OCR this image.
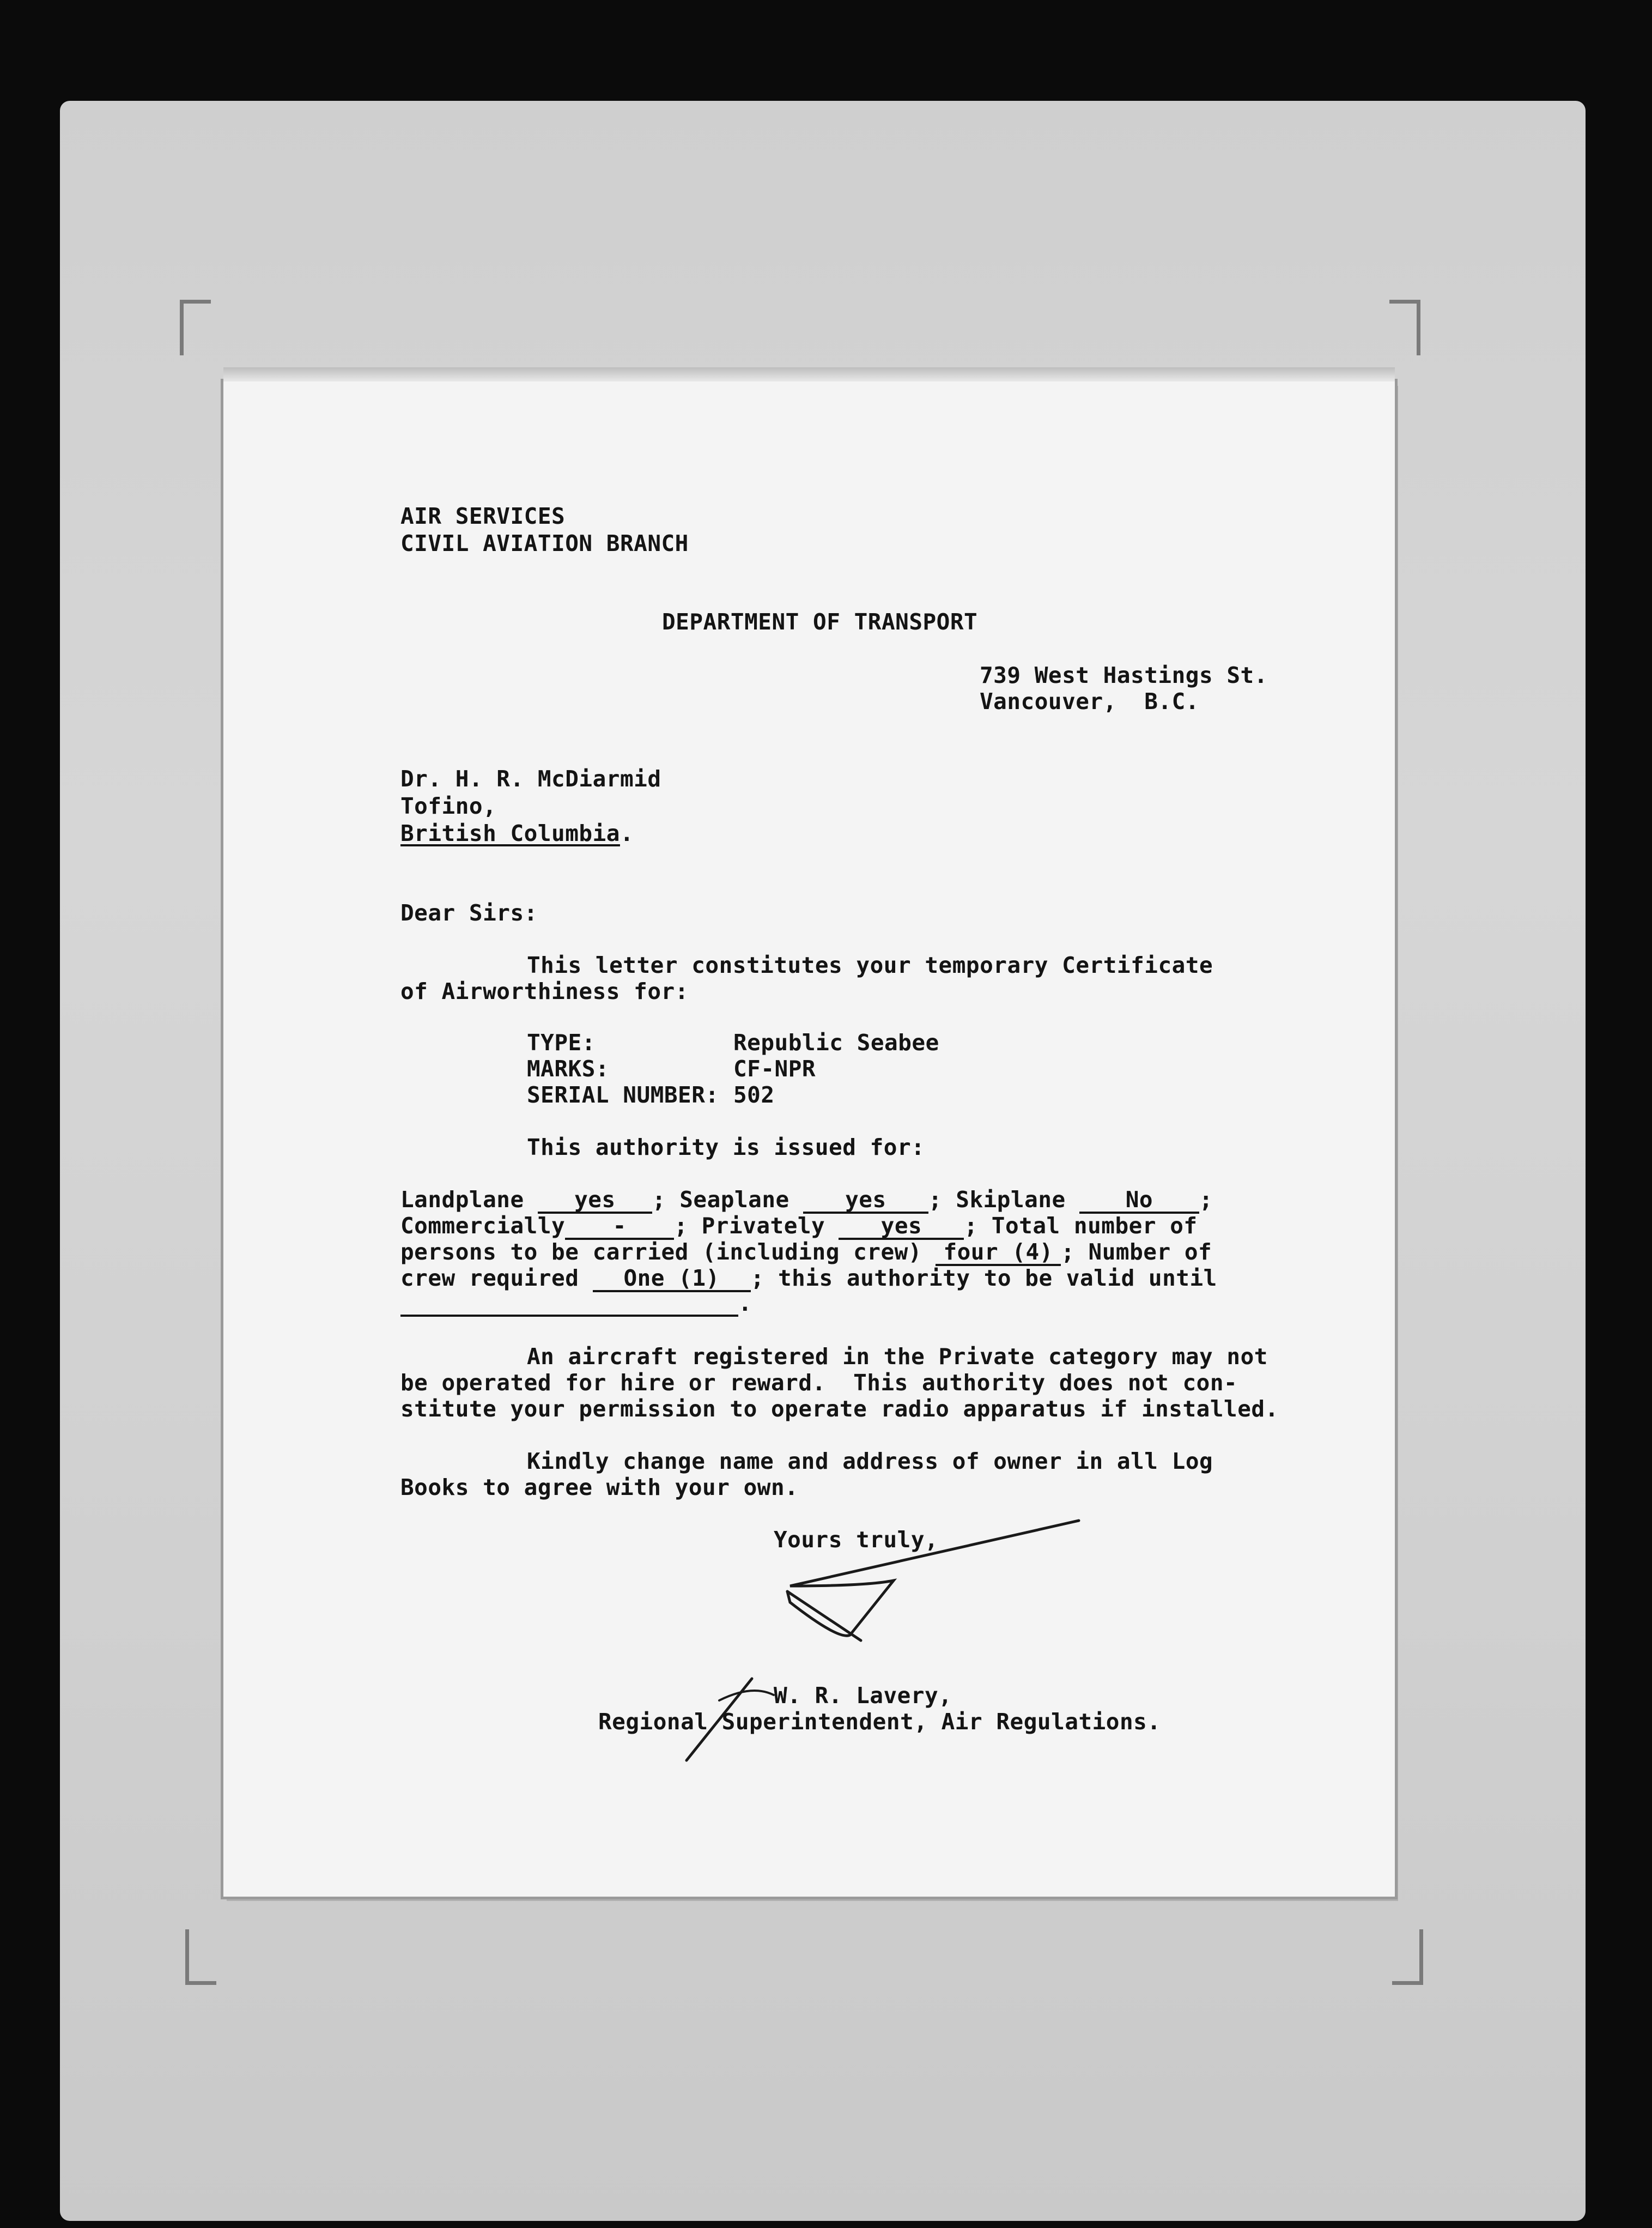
AIR SERVICES

CIVIL AVIATION BRANCH

DEPARTMENT OF TRANSPORT

739 West Hastings St.

Vancouver,  B.C.

Dr. H. R. McDiarmid

Tofino,

British Columbia.

Dear Sirs:

This letter constitutes your temporary Certificate

of Airworthiness for:

TYPE:	Republic Seabee

MARKS:	CF-NPR

SERIAL NUMBER: 502

This authority is issued for:

Landplane yes ; Seaplane yes ; Skiplane	No ;

Commercially - ; Privately yes ; Total number of

persons to be carried (including crew) four (4) ; Number of

crew required One (1) ; this authority to be valid until

.

An aircraft registered in the Private category may not

be operated for hire or reward.  This authority does not con-

stitute your permission to operate radio apparatus if installed.

Kindly change name and address of owner in all Log

Books to agree with your own.

Yours truly,

W. R. Lavery,

Regional Superintendent, Air Regulations.
